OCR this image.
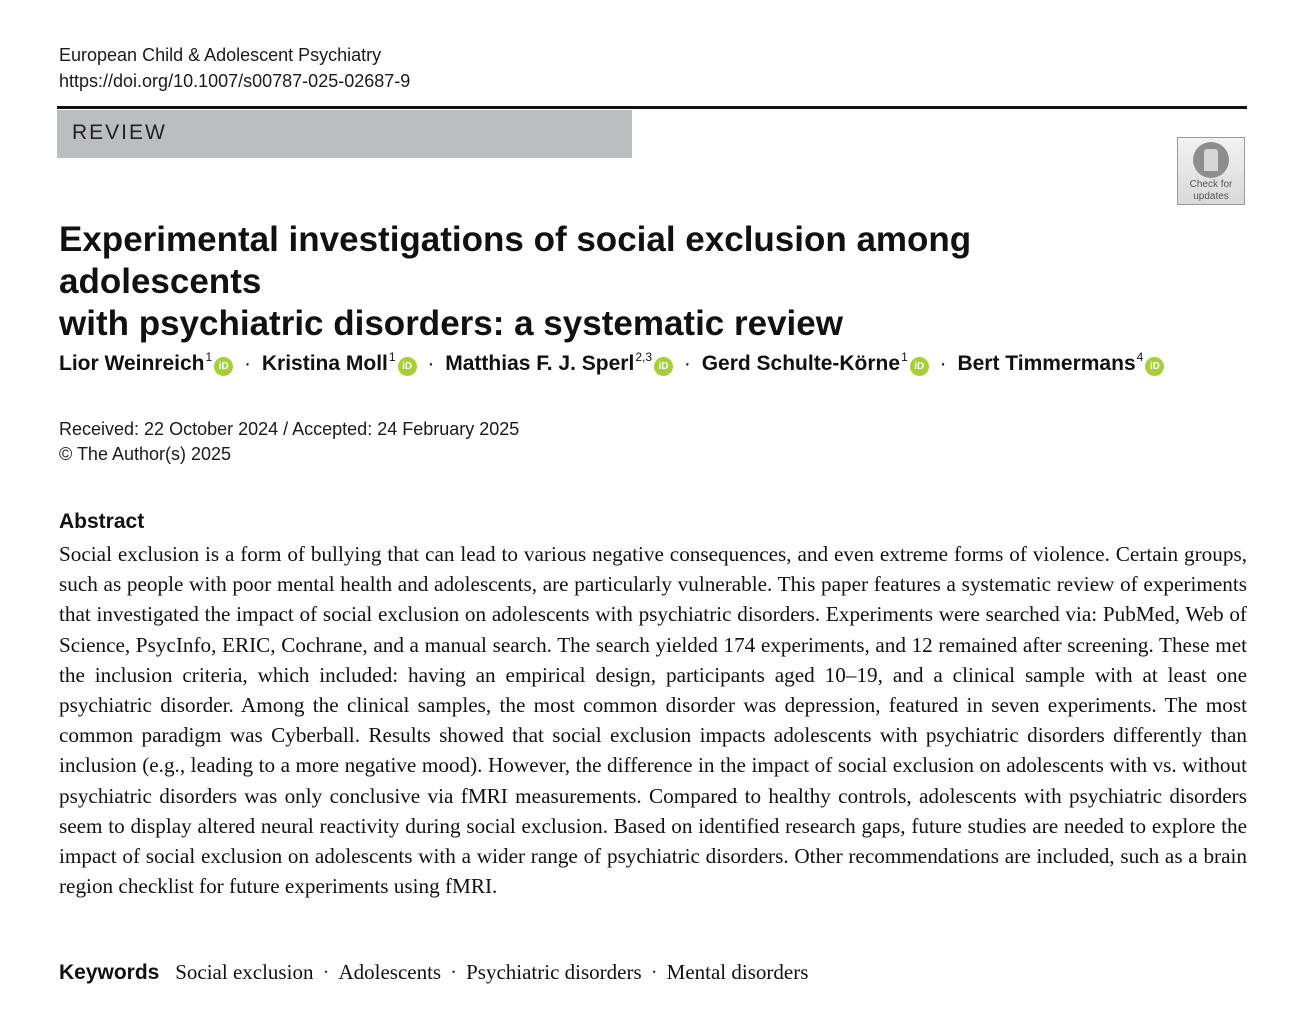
European Child & Adolescent Psychiatry
https://doi.org/10.1007/s00787-025-02687-9
REVIEW
Check for
updates
Experimental investigations of social exclusion among adolescents
with psychiatric disorders: a systematic review
Lior Weinreich$^1$iD · Kristina Moll$^1$iD · Matthias F. J. Sperl$^{2,3}$iD · Gerd Schulte-Körne$^1$iD · Bert Timmermans$^4$iD
Received: 22 October 2024 / Accepted: 24 February 2025
© The Author(s) 2025
Abstract

Social exclusion is a form of bullying that can lead to various negative consequences, and even extreme forms of violence. Certain groups, such as people with poor mental health and adolescents, are particularly vulnerable. This paper features a systematic review of experiments that investigated the impact of social exclusion on adolescents with psychiatric disorders. Experiments were searched via: PubMed, Web of Science, PsycInfo, ERIC, Cochrane, and a manual search. The search yielded 174 experiments, and 12 remained after screening. These met the inclusion criteria, which included: having an empirical design, participants aged 10–19, and a clinical sample with at least one psychiatric disorder. Among the clinical samples, the most common disorder was depression, featured in seven experiments. The most common paradigm was Cyberball. Results showed that social exclusion impacts adolescents with psychiatric disorders differently than inclusion (e.g., leading to a more negative mood). However, the difference in the impact of social exclusion on adolescents with vs. without psychiatric disorders was only conclusive via fMRI measurements. Compared to healthy controls, adolescents with psychiatric disorders seem to display altered neural reactivity during social exclusion. Based on identified research gaps, future studies are needed to explore the impact of social exclusion on adolescents with a wider range of psychiatric disorders. Other recommendations are included, such as a brain region checklist for future experiments using fMRI.

Keywords Social exclusion · Adolescents · Psychiatric disorders · Mental disorders
